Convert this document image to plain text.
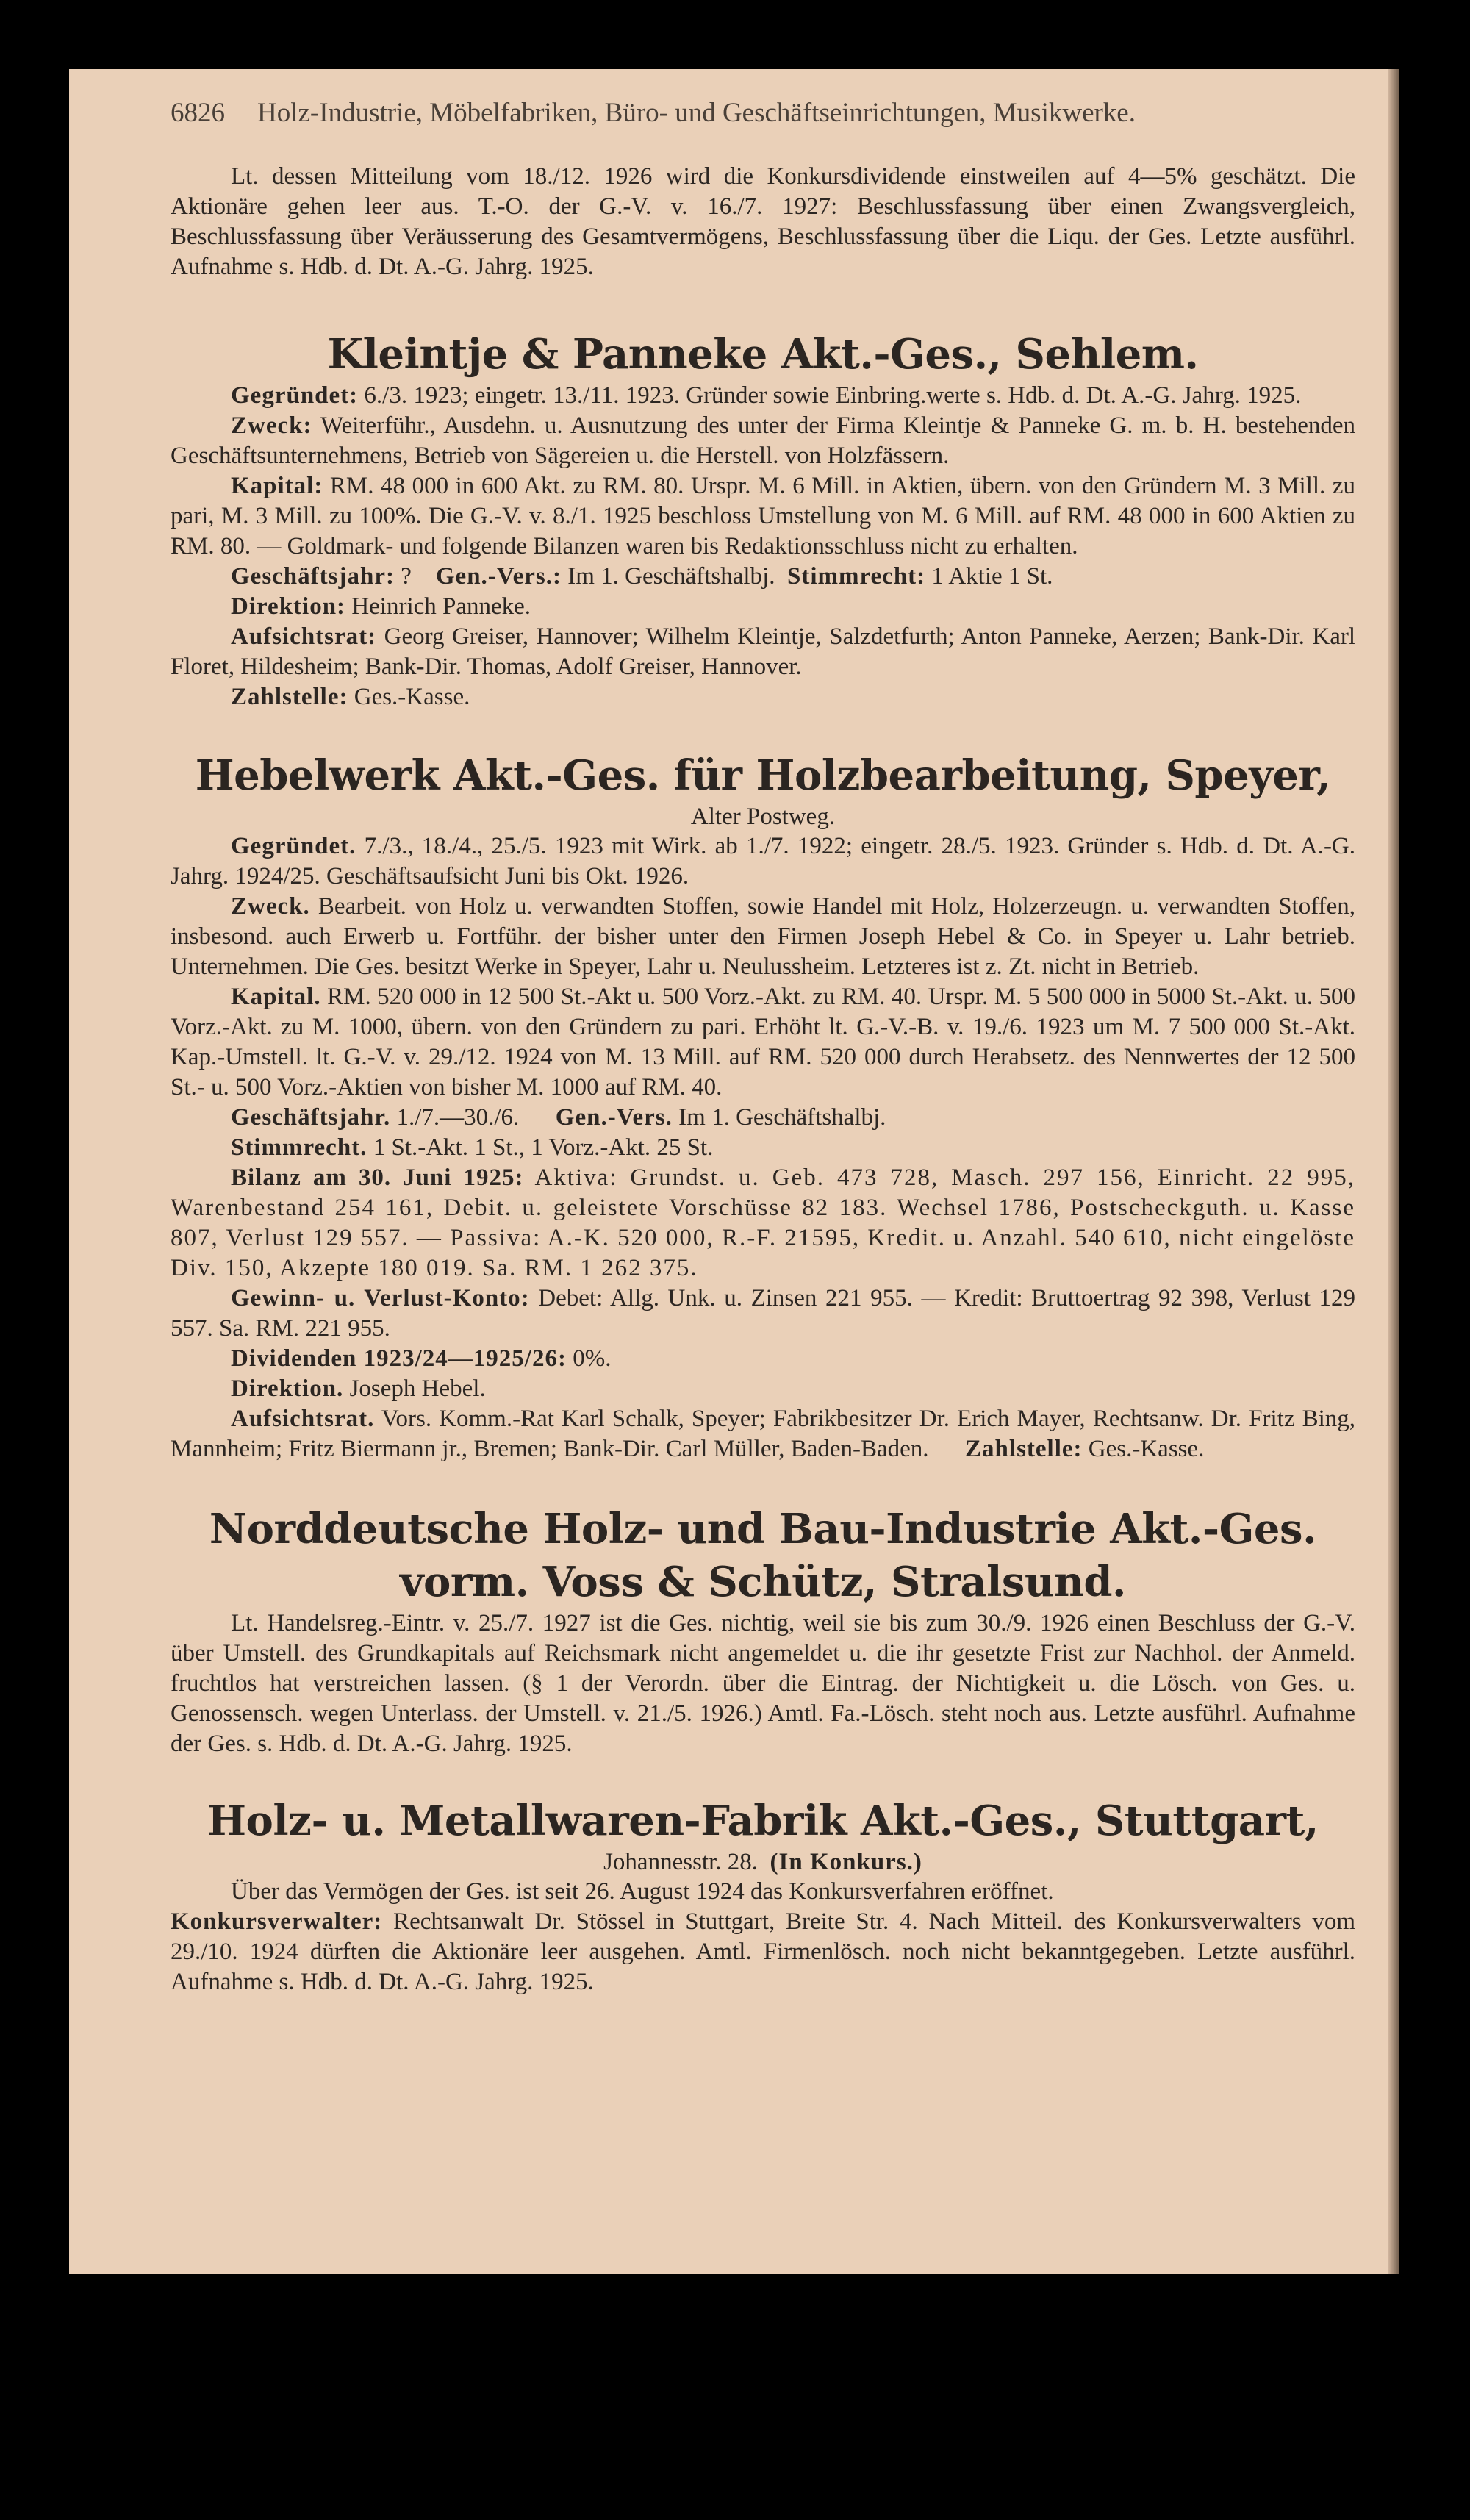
6826 Holz-Industrie, Möbelfabriken, Büro- und Geschäftseinrichtungen, Musikwerke.

Lt. dessen Mitteilung vom 18./12. 1926 wird die Konkursdividende einstweilen auf 4—5% geschätzt. Die Aktionäre gehen leer aus. T.-O. der G.-V. v. 16./7. 1927: Beschlussfassung über einen Zwangsvergleich, Beschlussfassung über Veräusserung des Gesamtvermögens, Beschlussfassung über die Liqu. der Ges. Letzte ausführl. Aufnahme s. Hdb. d. Dt. A.-G. Jahrg. 1925.

Kleintje & Panneke Akt.-Ges., Sehlem.

Gegründet: 6./3. 1923; eingetr. 13./11. 1923. Gründer sowie Einbring.werte s. Hdb. d. Dt. A.-G. Jahrg. 1925.

Zweck: Weiterführ., Ausdehn. u. Ausnutzung des unter der Firma Kleintje & Panneke G. m. b. H. bestehenden Geschäftsunternehmens, Betrieb von Sägereien u. die Herstell. von Holzfässern.

Kapital: RM. 48 000 in 600 Akt. zu RM. 80. Urspr. M. 6 Mill. in Aktien, übern. von den Gründern M. 3 Mill. zu pari, M. 3 Mill. zu 100%. Die G.-V. v. 8./1. 1925 beschloss Umstellung von M. 6 Mill. auf RM. 48 000 in 600 Aktien zu RM. 80. — Goldmark- und folgende Bilanzen waren bis Redaktionsschluss nicht zu erhalten.

Geschäftsjahr: ? Gen.-Vers.: Im 1. Geschäftshalbj. Stimmrecht: 1 Aktie 1 St.

Direktion: Heinrich Panneke.

Aufsichtsrat: Georg Greiser, Hannover; Wilhelm Kleintje, Salzdetfurth; Anton Panneke, Aerzen; Bank-Dir. Karl Floret, Hildesheim; Bank-Dir. Thomas, Adolf Greiser, Hannover.

Zahlstelle: Ges.-Kasse.

Hebelwerk Akt.-Ges. für Holzbearbeitung, Speyer,
Alter Postweg.

Gegründet. 7./3., 18./4., 25./5. 1923 mit Wirk. ab 1./7. 1922; eingetr. 28./5. 1923. Gründer s. Hdb. d. Dt. A.-G. Jahrg. 1924/25. Geschäftsaufsicht Juni bis Okt. 1926.

Zweck. Bearbeit. von Holz u. verwandten Stoffen, sowie Handel mit Holz, Holzerzeugn. u. verwandten Stoffen, insbesond. auch Erwerb u. Fortführ. der bisher unter den Firmen Joseph Hebel & Co. in Speyer u. Lahr betrieb. Unternehmen. Die Ges. besitzt Werke in Speyer, Lahr u. Neulussheim. Letzteres ist z. Zt. nicht in Betrieb.

Kapital. RM. 520 000 in 12 500 St.-Akt u. 500 Vorz.-Akt. zu RM. 40. Urspr. M. 5 500 000 in 5000 St.-Akt. u. 500 Vorz.-Akt. zu M. 1000, übern. von den Gründern zu pari. Erhöht lt. G.-V.-B. v. 19./6. 1923 um M. 7 500 000 St.-Akt. Kap.-Umstell. lt. G.-V. v. 29./12. 1924 von M. 13 Mill. auf RM. 520 000 durch Herabsetz. des Nennwertes der 12 500 St.- u. 500 Vorz.-Aktien von bisher M. 1000 auf RM. 40.

Geschäftsjahr. 1./7.—30./6. Gen.-Vers. Im 1. Geschäftshalbj.

Stimmrecht. 1 St.-Akt. 1 St., 1 Vorz.-Akt. 25 St.

Bilanz am 30. Juni 1925: Aktiva: Grundst. u. Geb. 473 728, Masch. 297 156, Einricht. 22 995, Warenbestand 254 161, Debit. u. geleistete Vorschüsse 82 183. Wechsel 1786, Postscheckguth. u. Kasse 807, Verlust 129 557. — Passiva: A.-K. 520 000, R.-F. 21595, Kredit. u. Anzahl. 540 610, nicht eingelöste Div. 150, Akzepte 180 019. Sa. RM. 1 262 375.

Gewinn- u. Verlust-Konto: Debet: Allg. Unk. u. Zinsen 221 955. — Kredit: Bruttoertrag 92 398, Verlust 129 557. Sa. RM. 221 955.

Dividenden 1923/24—1925/26: 0%.

Direktion. Joseph Hebel.

Aufsichtsrat. Vors. Komm.-Rat Karl Schalk, Speyer; Fabrikbesitzer Dr. Erich Mayer, Rechtsanw. Dr. Fritz Bing, Mannheim; Fritz Biermann jr., Bremen; Bank-Dir. Carl Müller, Baden-Baden. Zahlstelle: Ges.-Kasse.

Norddeutsche Holz- und Bau-Industrie Akt.-Ges.
vorm. Voss & Schütz, Stralsund.

Lt. Handelsreg.-Eintr. v. 25./7. 1927 ist die Ges. nichtig, weil sie bis zum 30./9. 1926 einen Beschluss der G.-V. über Umstell. des Grundkapitals auf Reichsmark nicht angemeldet u. die ihr gesetzte Frist zur Nachhol. der Anmeld. fruchtlos hat verstreichen lassen. (§ 1 der Verordn. über die Eintrag. der Nichtigkeit u. die Lösch. von Ges. u. Genossensch. wegen Unterlass. der Umstell. v. 21./5. 1926.) Amtl. Fa.-Lösch. steht noch aus. Letzte ausführl. Aufnahme der Ges. s. Hdb. d. Dt. A.-G. Jahrg. 1925.

Holz- u. Metallwaren-Fabrik Akt.-Ges., Stuttgart,
Johannesstr. 28. (In Konkurs.)

Über das Vermögen der Ges. ist seit 26. August 1924 das Konkursverfahren eröffnet.

Konkursverwalter: Rechtsanwalt Dr. Stössel in Stuttgart, Breite Str. 4. Nach Mitteil. des Konkursverwalters vom 29./10. 1924 dürften die Aktionäre leer ausgehen. Amtl. Firmenlösch. noch nicht bekanntgegeben. Letzte ausführl. Aufnahme s. Hdb. d. Dt. A.-G. Jahrg. 1925.
